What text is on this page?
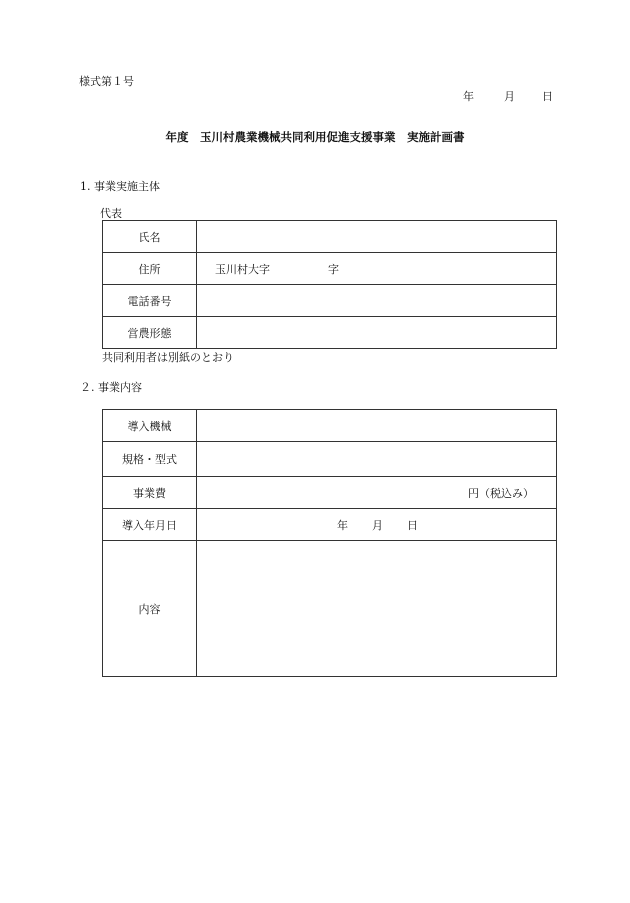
様式第１号
年	月 日
年度　玉川村農業機械共同利用促進支援事業　実施計画書
1. 事業実施主体
代表
氏名	
住所	玉川村大字 字
電話番号	
営農形態	
共同利用者は別紙のとおり
２. 事業内容
導入機械	
規格・型式	
事業費	円（税込み）

導入年月日	年 月 日
内容	
